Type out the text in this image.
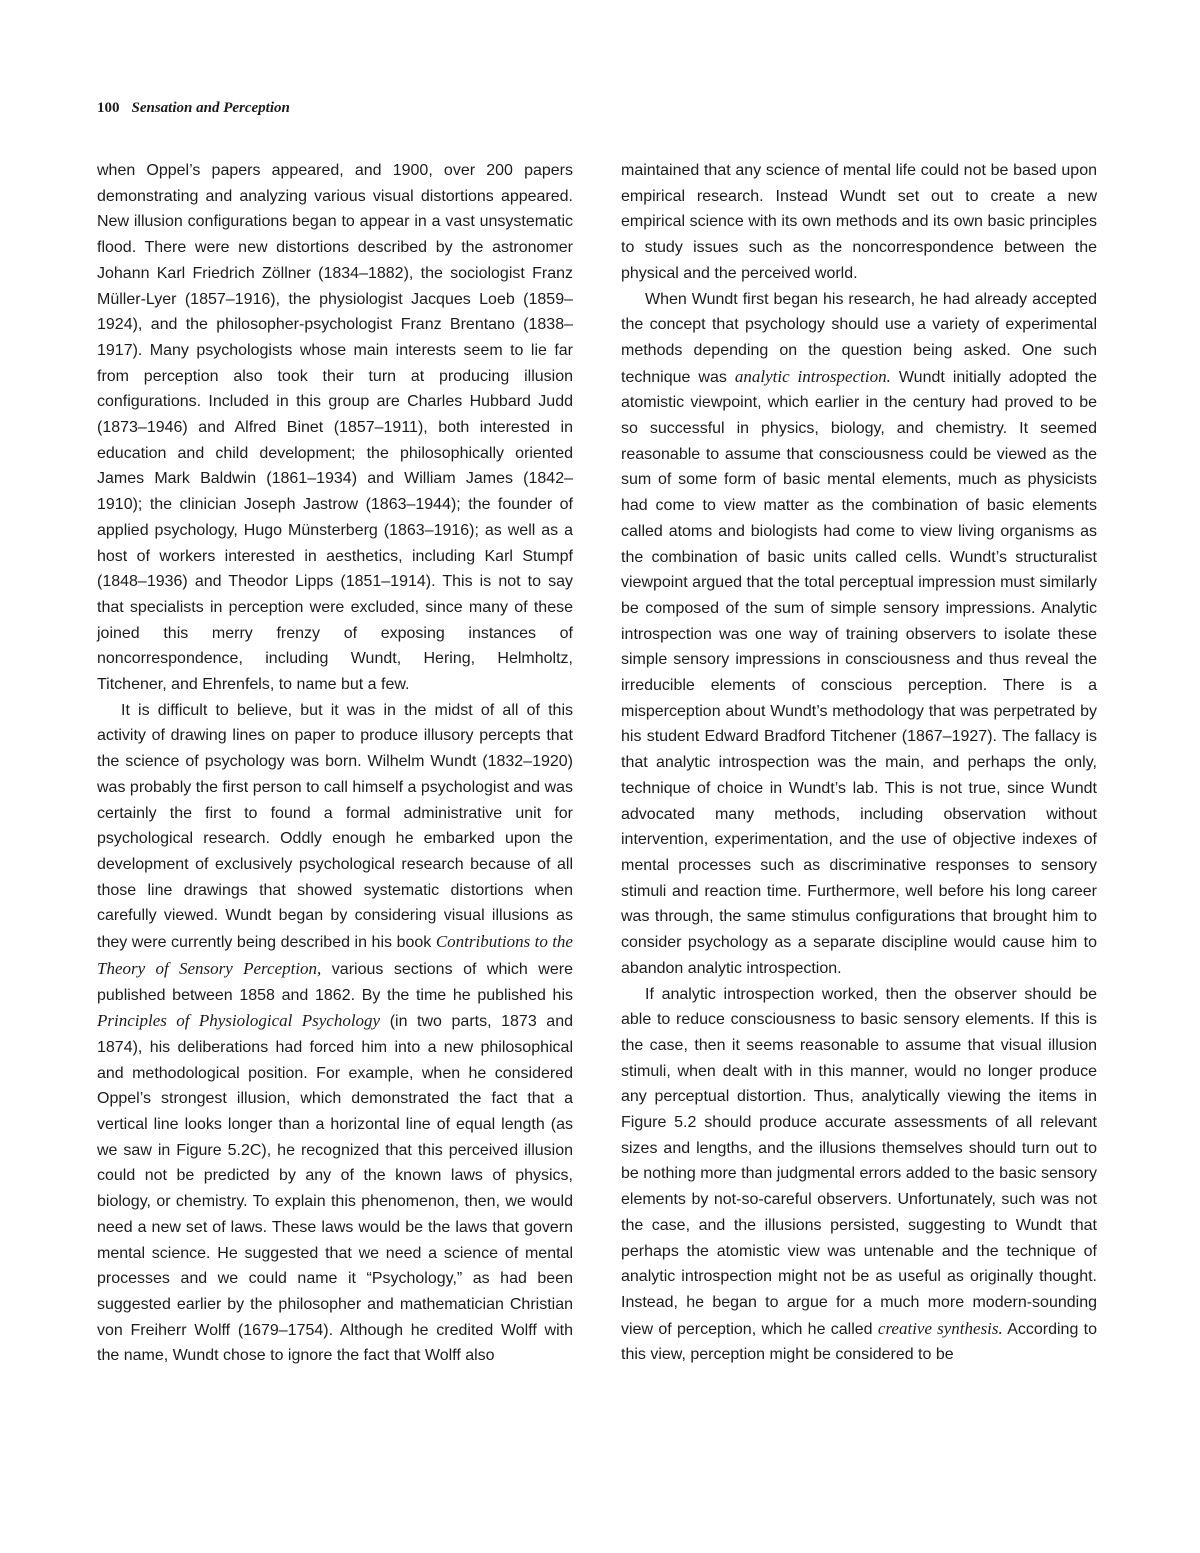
100 Sensation and Perception

when Oppel’s papers appeared, and 1900, over 200 papers demonstrating and analyzing various visual distortions appeared. New illusion configurations began to appear in a vast unsystematic flood. There were new distortions described by the astronomer Johann Karl Friedrich Zöllner (1834–1882), the sociologist Franz Müller-Lyer (1857–1916), the physiologist Jacques Loeb (1859–1924), and the philosopher-psychologist Franz Brentano (1838–1917). Many psychologists whose main interests seem to lie far from perception also took their turn at producing illusion configurations. Included in this group are Charles Hubbard Judd (1873–1946) and Alfred Binet (1857–1911), both interested in education and child development; the philosophically oriented James Mark Baldwin (1861–1934) and William James (1842–1910); the clinician Joseph Jastrow (1863–1944); the founder of applied psychology, Hugo Münsterberg (1863–1916); as well as a host of workers interested in aesthetics, including Karl Stumpf (1848–1936) and Theodor Lipps (1851–1914). This is not to say that specialists in perception were excluded, since many of these joined this merry frenzy of exposing instances of noncorrespondence, including Wundt, Hering, Helmholtz, Titchener, and Ehrenfels, to name but a few.

It is difficult to believe, but it was in the midst of all of this activity of drawing lines on paper to produce illusory percepts that the science of psychology was born. Wilhelm Wundt (1832–1920) was probably the first person to call himself a psychologist and was certainly the first to found a formal administrative unit for psychological research. Oddly enough he embarked upon the development of exclusively psychological research because of all those line drawings that showed systematic distortions when carefully viewed. Wundt began by considering visual illusions as they were currently being described in his book Contributions to the Theory of Sensory Perception, various sections of which were published between 1858 and 1862. By the time he published his Principles of Physiological Psychology (in two parts, 1873 and 1874), his deliberations had forced him into a new philosophical and methodological position. For example, when he considered Oppel’s strongest illusion, which demonstrated the fact that a vertical line looks longer than a horizontal line of equal length (as we saw in Figure 5.2C), he recognized that this perceived illusion could not be predicted by any of the known laws of physics, biology, or chemistry. To explain this phenomenon, then, we would need a new set of laws. These laws would be the laws that govern mental science. He suggested that we need a science of mental processes and we could name it “Psychology,” as had been suggested earlier by the philosopher and mathematician Christian von Freiherr Wolff (1679–1754). Although he credited Wolff with the name, Wundt chose to ignore the fact that Wolff also

maintained that any science of mental life could not be based upon empirical research. Instead Wundt set out to create a new empirical science with its own methods and its own basic principles to study issues such as the noncorrespondence between the physical and the perceived world.

When Wundt first began his research, he had already accepted the concept that psychology should use a variety of experimental methods depending on the question being asked. One such technique was analytic introspection. Wundt initially adopted the atomistic viewpoint, which earlier in the century had proved to be so successful in physics, biology, and chemistry. It seemed reasonable to assume that consciousness could be viewed as the sum of some form of basic mental elements, much as physicists had come to view matter as the combination of basic elements called atoms and biologists had come to view living organisms as the combination of basic units called cells. Wundt’s structuralist viewpoint argued that the total perceptual impression must similarly be composed of the sum of simple sensory impressions. Analytic introspection was one way of training observers to isolate these simple sensory impressions in consciousness and thus reveal the irreducible elements of conscious perception. There is a misperception about Wundt’s methodology that was perpetrated by his student Edward Bradford Titchener (1867–1927). The fallacy is that analytic introspection was the main, and perhaps the only, technique of choice in Wundt’s lab. This is not true, since Wundt advocated many methods, including observation without intervention, experimentation, and the use of objective indexes of mental processes such as discriminative responses to sensory stimuli and reaction time. Furthermore, well before his long career was through, the same stimulus configurations that brought him to consider psychology as a separate discipline would cause him to abandon analytic introspection.

If analytic introspection worked, then the observer should be able to reduce consciousness to basic sensory elements. If this is the case, then it seems reasonable to assume that visual illusion stimuli, when dealt with in this manner, would no longer produce any perceptual distortion. Thus, analytically viewing the items in Figure 5.2 should produce accurate assessments of all relevant sizes and lengths, and the illusions themselves should turn out to be nothing more than judgmental errors added to the basic sensory elements by not-so-careful observers. Unfortunately, such was not the case, and the illusions persisted, suggesting to Wundt that perhaps the atomistic view was untenable and the technique of analytic introspection might not be as useful as originally thought. Instead, he began to argue for a much more modern-sounding view of perception, which he called creative synthesis. According to this view, perception might be considered to be
